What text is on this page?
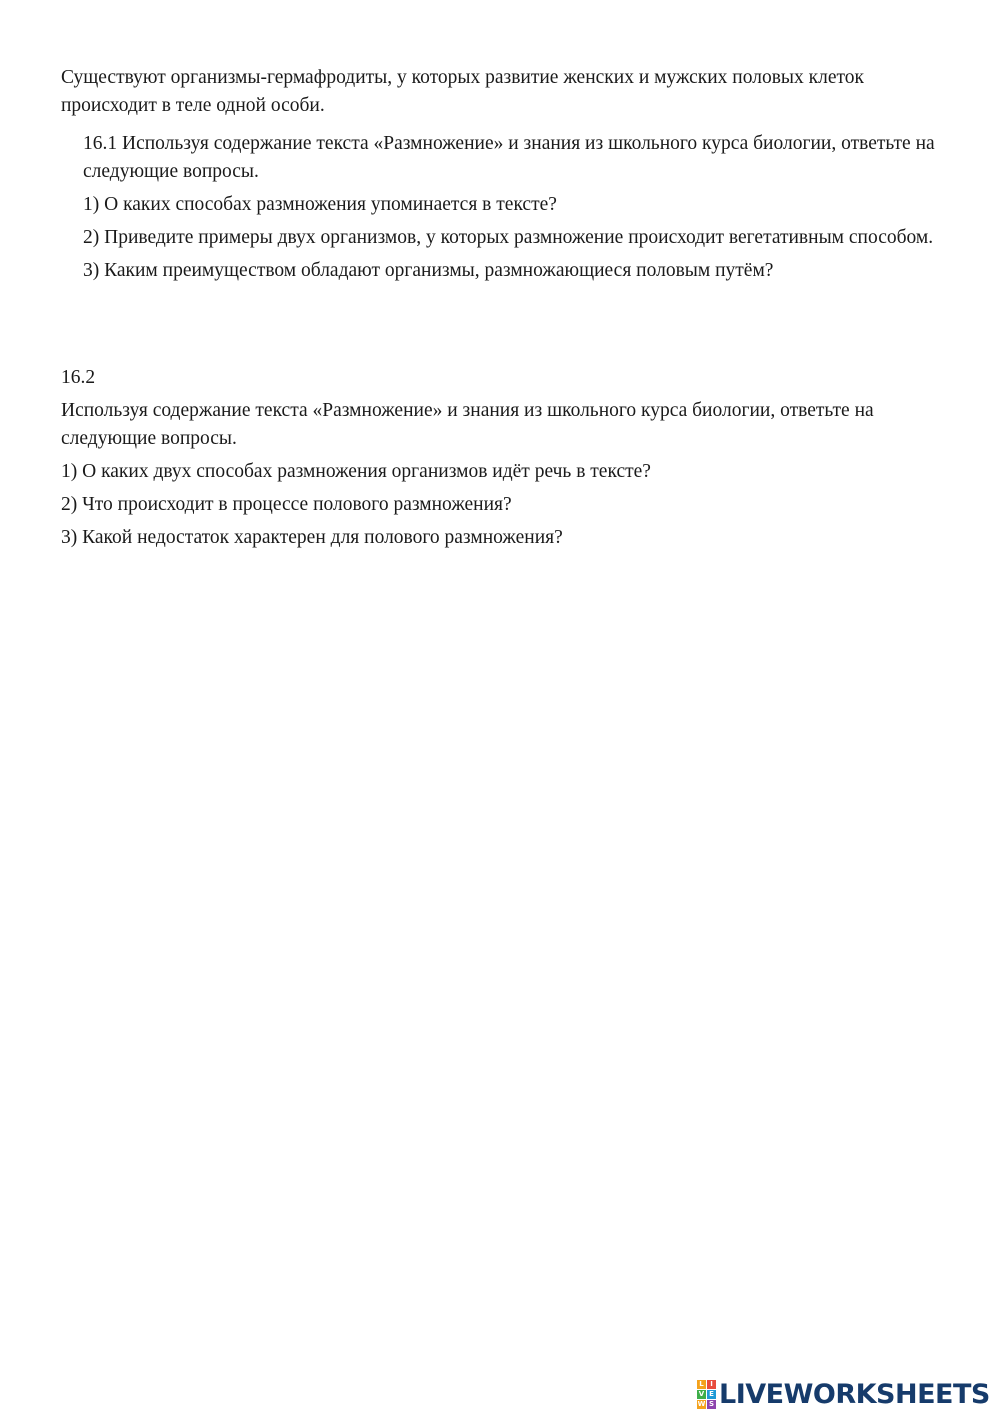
Существуют организмы-гермафродиты, у которых развитие женских и мужских половых клеток происходит в теле одной особи.

16.1 Используя содержание текста «Размножение» и знания из школьного курса биологии, ответьте на следующие вопросы.

1) О каких способах размножения упоминается в тексте?

2) Приведите примеры двух организмов, у которых размножение происходит вегетативным способом.

3) Каким преимуществом обладают организмы, размножающиеся половым путём?

16.2

Используя содержание текста «Размножение» и знания из школьного курса биологии, ответьте на следующие вопросы.

1) О каких двух способах размножения организмов идёт речь в тексте?

2) Что происходит в процессе полового размножения?

3) Какой недостаток характерен для полового размножения?

L I
V E
W S LIVEWORKSHEETS
